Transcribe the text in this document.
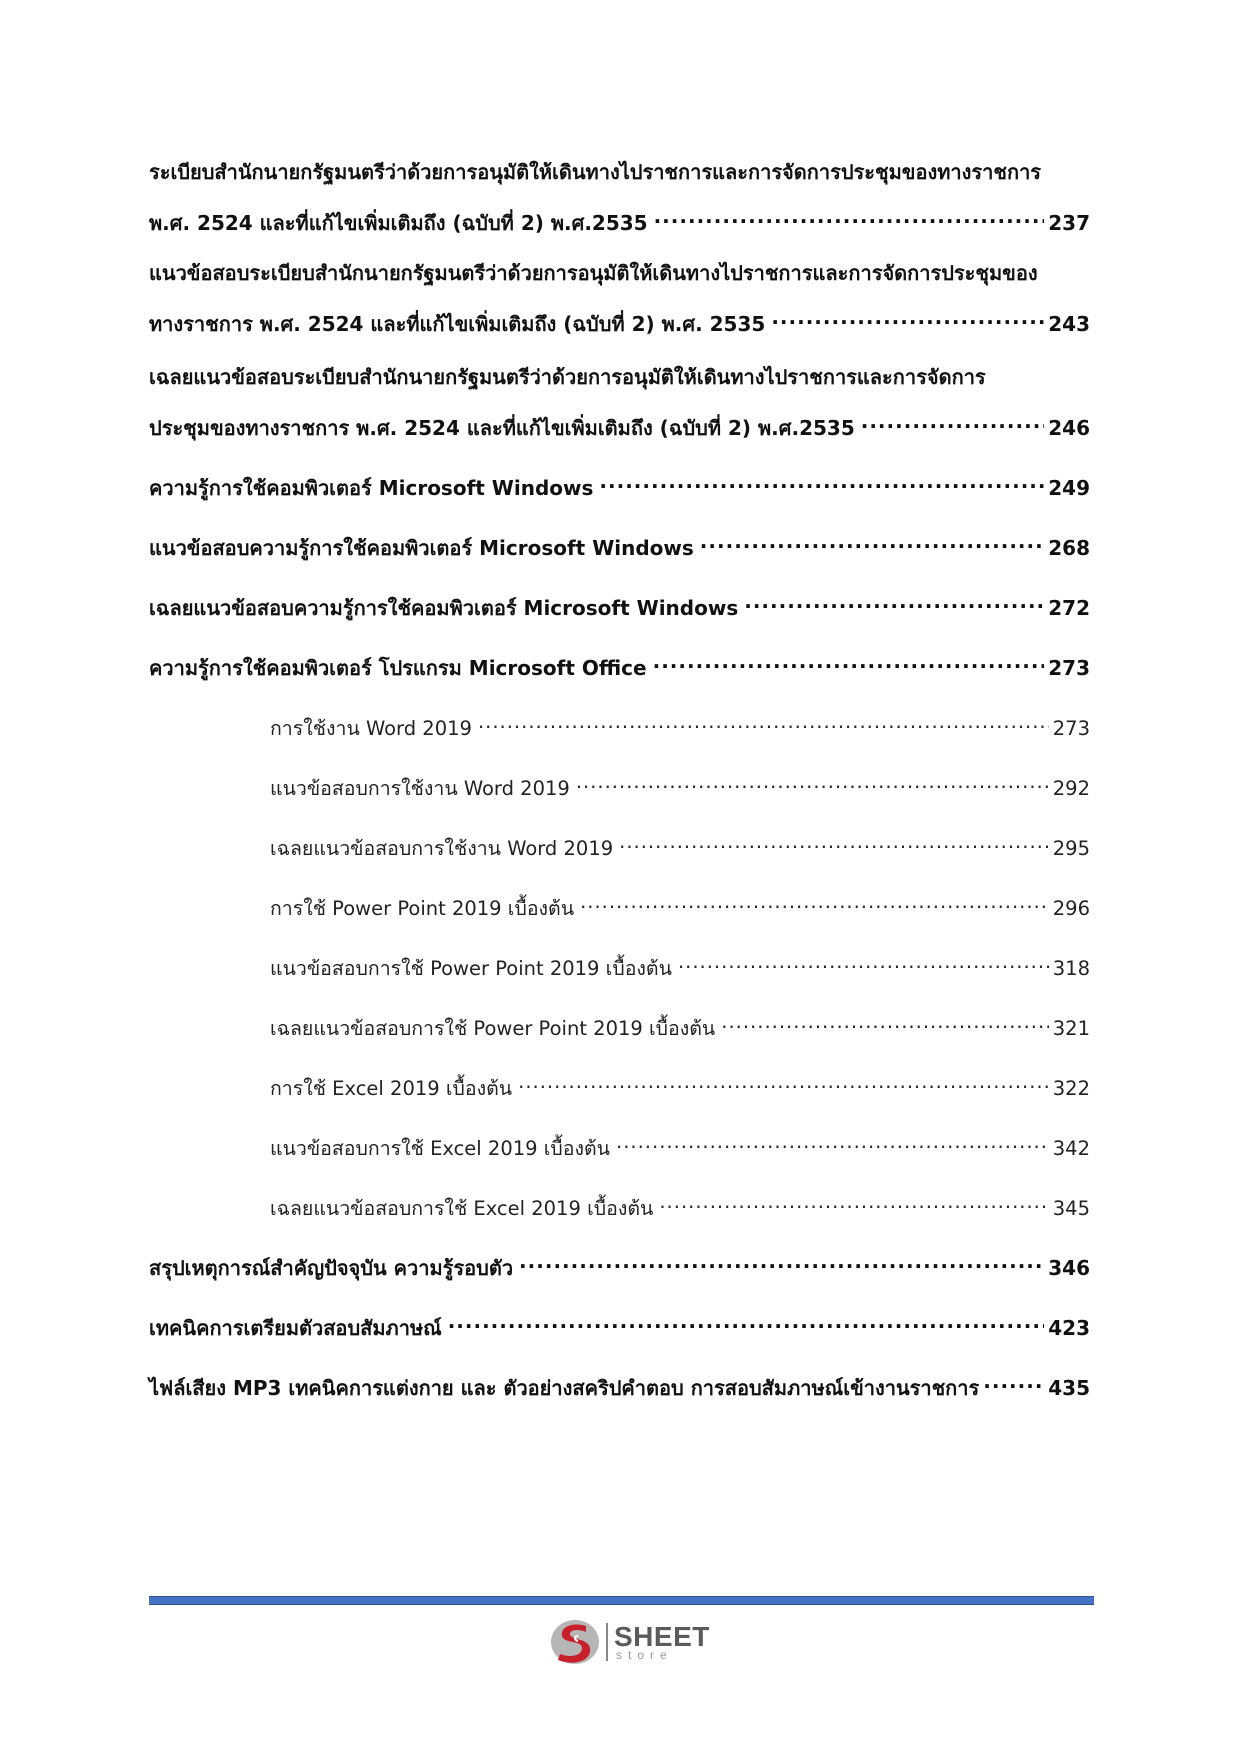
ระเบียบสำนักนายกรัฐมนตรีว่าด้วยการอนุมัติให้เดินทางไปราชการและการจัดการประชุมของทางราชการ
พ.ศ. 2524 และที่แก้ไขเพิ่มเติมถึง (ฉบับที่ 2) พ.ศ.2535 .....	237
แนวข้อสอบระเบียบสำนักนายกรัฐมนตรีว่าด้วยการอนุมัติให้เดินทางไปราชการและการจัดการประชุมของ
ทางราชการ พ.ศ. 2524 และที่แก้ไขเพิ่มเติมถึง (ฉบับที่ 2) พ.ศ. 2535 .....	243
เฉลยแนวข้อสอบระเบียบสำนักนายกรัฐมนตรีว่าด้วยการอนุมัติให้เดินทางไปราชการและการจัดการ
ประชุมของทางราชการ พ.ศ. 2524 และที่แก้ไขเพิ่มเติมถึง (ฉบับที่ 2) พ.ศ.2535 .....	246
ความรู้การใช้คอมพิวเตอร์ Microsoft Windows .....	249
แนวข้อสอบความรู้การใช้คอมพิวเตอร์ Microsoft Windows .....	268
เฉลยแนวข้อสอบความรู้การใช้คอมพิวเตอร์ Microsoft Windows .....	272
ความรู้การใช้คอมพิวเตอร์ โปรแกรม Microsoft Office .....	273
การใช้งาน Word 2019 .....	273
แนวข้อสอบการใช้งาน Word 2019 .....	292
เฉลยแนวข้อสอบการใช้งาน Word 2019 .....	295
การใช้ Power Point 2019 เบื้องต้น .....	296
แนวข้อสอบการใช้ Power Point 2019 เบื้องต้น .....	318
เฉลยแนวข้อสอบการใช้ Power Point 2019 เบื้องต้น .....	321
การใช้ Excel 2019 เบื้องต้น .....	322
แนวข้อสอบการใช้ Excel 2019 เบื้องต้น .....	342
เฉลยแนวข้อสอบการใช้ Excel 2019 เบื้องต้น .....	345
สรุปเหตุการณ์สำคัญปัจจุบัน ความรู้รอบตัว .....	346
เทคนิคการเตรียมตัวสอบสัมภาษณ์ .....	423
ไฟล์เสียง MP3 เทคนิคการแต่งกาย และ ตัวอย่างสคริปคำตอบ การสอบสัมภาษณ์เข้างานราชการ .....	435
SHEET
store
